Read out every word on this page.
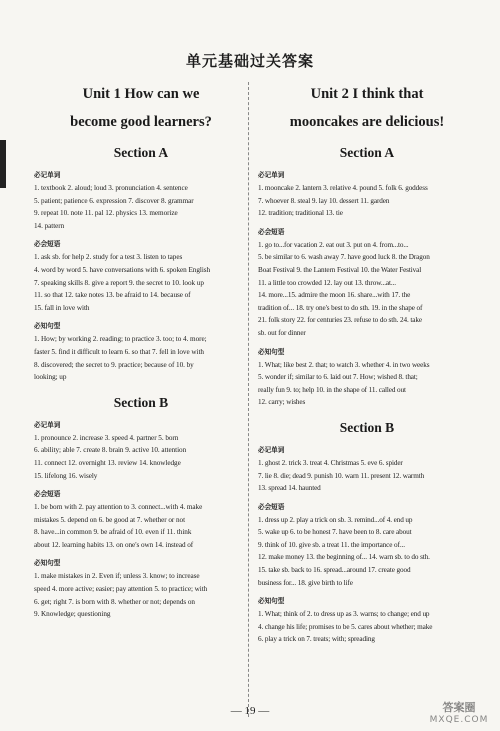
单元基础过关答案
Unit 1 How can we
become good learners?
Section A
必记单词
1. textbook 2. aloud; loud 3. pronunciation 4. sentence
5. patient; patience 6. expression 7. discover 8. grammar
9. repeat 10. note 11. pal 12. physics 13. memorize
14. pattern
必会短语
1. ask sb. for help 2. study for a test 3. listen to tapes
4. word by word 5. have conversations with 6. spoken English
7. speaking skills 8. give a report 9. the secret to 10. look up
11. so that 12. take notes 13. be afraid to 14. because of
15. fall in love with
必知句型
1. How; by working 2. reading; to practice 3. too; to 4. more;
faster 5. find it difficult to learn 6. so that 7. fell in love with
8. discovered; the secret to 9. practice; because of 10. by
looking; up
Section B
必记单词
1. pronounce 2. increase 3. speed 4. partner 5. born
6. ability; able 7. create 8. brain 9. active 10. attention
11. connect 12. overnight 13. review 14. knowledge
15. lifelong 16. wisely
必会短语
1. be born with 2. pay attention to 3. connect...with 4. make
mistakes 5. depend on 6. be good at 7. whether or not
8. have...in common 9. be afraid of 10. even if 11. think
about 12. learning habits 13. on one's own 14. instead of
必知句型
1. make mistakes in 2. Even if; unless 3. know; to increase
speed 4. more active; easier; pay attention 5. to practice; with
6. get; right 7. is born with 8. whether or not; depends on
9. Knowledge; questioning
Unit 2 I think that
mooncakes are delicious!
Section A
必记单词
1. mooncake 2. lantern 3. relative 4. pound 5. folk 6. goddess
7. whoever 8. steal 9. lay 10. dessert 11. garden
12. tradition; traditional 13. tie
必会短语
1. go to...for vacation 2. eat out 3. put on 4. from...to...
5. be similar to 6. wash away 7. have good luck 8. the Dragon
Boat Festival 9. the Lantern Festival 10. the Water Festival
11. a little too crowded 12. lay out 13. throw...at...
14. more...15. admire the moon 16. share...with 17. the
tradition of... 18. try one's best to do sth. 19. in the shape of
21. folk story 22. for centuries 23. refuse to do sth. 24. take
sb. out for dinner
必知句型
1. What; like best 2. that; to watch 3. whether 4. in two weeks
5. wonder if; similar to 6. laid out 7. How; wished 8. that;
really fun 9. to; help 10. in the shape of 11. called out
12. carry; wishes
Section B
必记单词
1. ghost 2. trick 3. treat 4. Christmas 5. eve 6. spider
7. lie 8. die; dead 9. punish 10. warn 11. present 12. warmth
13. spread 14. haunted
必会短语
1. dress up 2. play a trick on sb. 3. remind...of 4. end up
5. wake up 6. to be honest 7. have been to 8. care about
9. think of 10. give sb. a treat 11. the importance of...
12. make money 13. the beginning of... 14. warn sb. to do sth.
15. take sb. back to 16. spread...around 17. create good
business for... 18. give birth to life
必知句型
1. What; think of 2. to dress up as 3. warns; to change; end up
4. change his life; promises to be 5. cares about whether; make
6. play a trick on 7. treats; with; spreading
— 19 —	答案圈
MXQE.COM
